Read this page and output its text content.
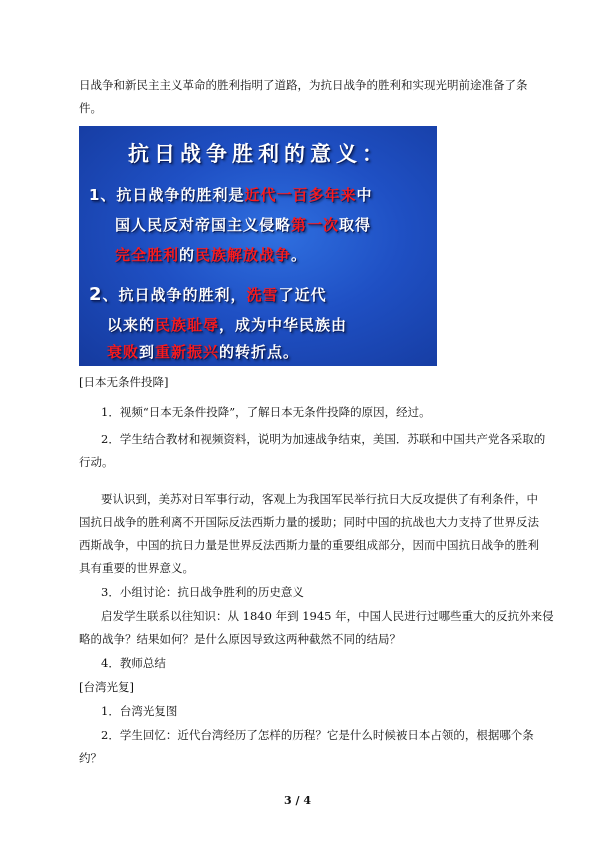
日战争和新民主主义革命的胜利指明了道路，为抗日战争的胜利和实现光明前途准备了条

件。

抗日战争胜利的意义：
1、抗日战争的胜利是近代一百多年来中
国人民反对帝国主义侵略第一次取得
完全胜利的民族解放战争。
2、抗日战争的胜利，洗雪了近代
以来的民族耻辱，成为中华民族由
衰败到重新振兴的转折点。

[日本无条件投降]

1．视频“日本无条件投降”，了解日本无条件投降的原因，经过。

2．学生结合教材和视频资料，说明为加速战争结束，美国．苏联和中国共产党各采取的

行动。

要认识到，美苏对日军事行动，客观上为我国军民举行抗日大反攻提供了有利条件，中

国抗日战争的胜利离不开国际反法西斯力量的援助；同时中国的抗战也大力支持了世界反法

西斯战争，中国的抗日力量是世界反法西斯力量的重要组成部分，因而中国抗日战争的胜利

具有重要的世界意义。

3．小组讨论：抗日战争胜利的历史意义

启发学生联系以往知识：从 1840 年到 1945 年，中国人民进行过哪些重大的反抗外来侵

略的战争？结果如何？是什么原因导致这两种截然不同的结局？

4．教师总结

[台湾光复]

1．台湾光复图

2．学生回忆：近代台湾经历了怎样的历程？它是什么时候被日本占领的，根据哪个条

约？

3 / 4
